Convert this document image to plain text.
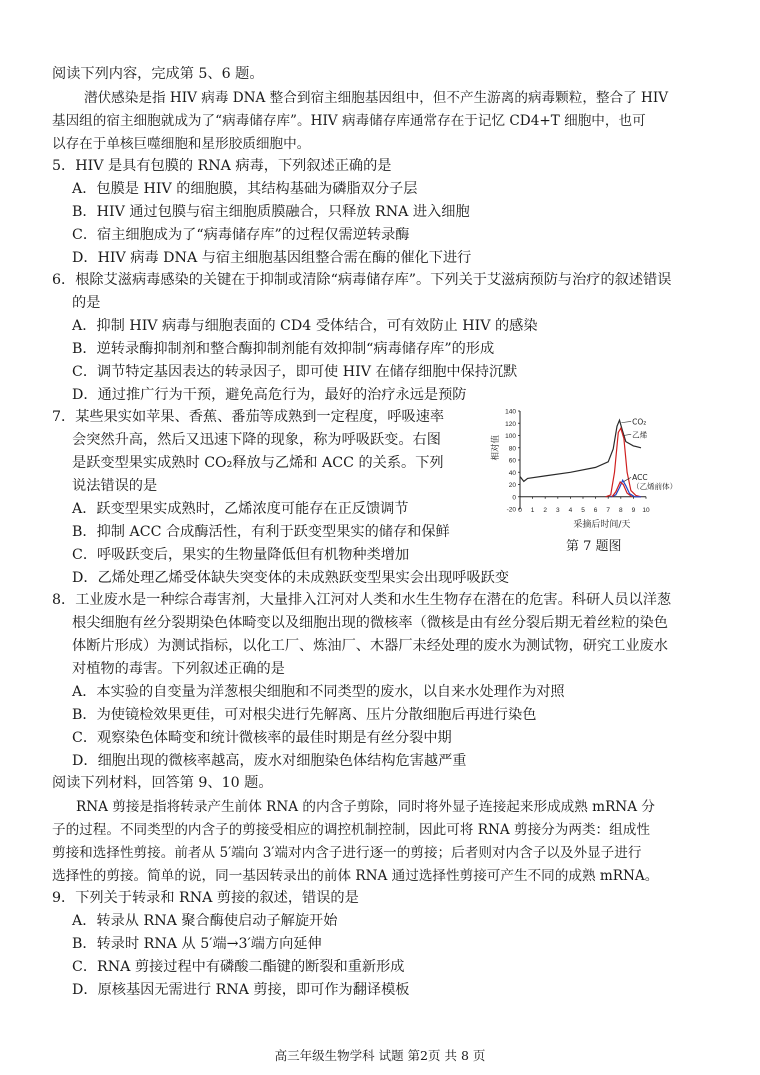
阅读下列内容，完成第 5、6 题。
潜伏感染是指 HIV 病毒 DNA 整合到宿主细胞基因组中，但不产生游离的病毒颗粒，整合了 HIV
基因组的宿主细胞就成为了“病毒储存库”。HIV 病毒储存库通常存在于记忆 CD4+T 细胞中，也可
以存在于单核巨噬细胞和星形胶质细胞中。
5．HIV 是具有包膜的 RNA 病毒，下列叙述正确的是
A．包膜是 HIV 的细胞膜，其结构基础为磷脂双分子层
B．HIV 通过包膜与宿主细胞质膜融合，只释放 RNA 进入细胞
C．宿主细胞成为了“病毒储存库”的过程仅需逆转录酶
D．HIV 病毒 DNA 与宿主细胞基因组整合需在酶的催化下进行
6．根除艾滋病毒感染的关键在于抑制或清除“病毒储存库”。下列关于艾滋病预防与治疗的叙述错误
的是
A．抑制 HIV 病毒与细胞表面的 CD4 受体结合，可有效防止 HIV 的感染
B．逆转录酶抑制剂和整合酶抑制剂能有效抑制“病毒储存库”的形成
C．调节特定基因表达的转录因子，即可使 HIV 在储存细胞中保持沉默
D．通过推广行为干预，避免高危行为，最好的治疗永远是预防
7．某些果实如苹果、香蕉、番茄等成熟到一定程度，呼吸速率
会突然升高，然后又迅速下降的现象，称为呼吸跃变。右图
是跃变型果实成熟时 CO₂释放与乙烯和 ACC 的关系。下列
说法错误的是
A．跃变型果实成熟时，乙烯浓度可能存在正反馈调节
B．抑制 ACC 合成酶活性，有利于跃变型果实的储存和保鲜
C．呼吸跃变后，果实的生物量降低但有机物种类增加
D．乙烯处理乙烯受体缺失突变体的未成熟跃变型果实会出现呼吸跃变
140
120
100
80
60
40
20
0
-20 0 1 2 3 4 5 6 7 8 9 10
相对值
采摘后时间/天
CO₂
乙烯
ACC
（乙烯前体）
第 7 题图
8．工业废水是一种综合毒害剂，大量排入江河对人类和水生生物存在潜在的危害。科研人员以洋葱
根尖细胞有丝分裂期染色体畸变以及细胞出现的微核率（微核是由有丝分裂后期无着丝粒的染色
体断片形成）为测试指标，以化工厂、炼油厂、木器厂未经处理的废水为测试物，研究工业废水
对植物的毒害。下列叙述正确的是
A．本实验的自变量为洋葱根尖细胞和不同类型的废水，以自来水处理作为对照
B．为使镜检效果更佳，可对根尖进行先解离、压片分散细胞后再进行染色
C．观察染色体畸变和统计微核率的最佳时期是有丝分裂中期
D．细胞出现的微核率越高，废水对细胞染色体结构危害越严重
阅读下列材料，回答第 9、10 题。
RNA 剪接是指将转录产生前体 RNA 的内含子剪除，同时将外显子连接起来形成成熟 mRNA 分
子的过程。不同类型的内含子的剪接受相应的调控机制控制，因此可将 RNA 剪接分为两类：组成性
剪接和选择性剪接。前者从 5′端向 3′端对内含子进行逐一的剪接；后者则对内含子以及外显子进行
选择性的剪接。简单的说，同一基因转录出的前体 RNA 通过选择性剪接可产生不同的成熟 mRNA。
9．下列关于转录和 RNA 剪接的叙述，错误的是
A．转录从 RNA 聚合酶使启动子解旋开始
B．转录时 RNA 从 5′端→3′端方向延伸
C．RNA 剪接过程中有磷酸二酯键的断裂和重新形成
D．原核基因无需进行 RNA 剪接，即可作为翻译模板
高三年级生物学科 试题 第2页 共 8 页
